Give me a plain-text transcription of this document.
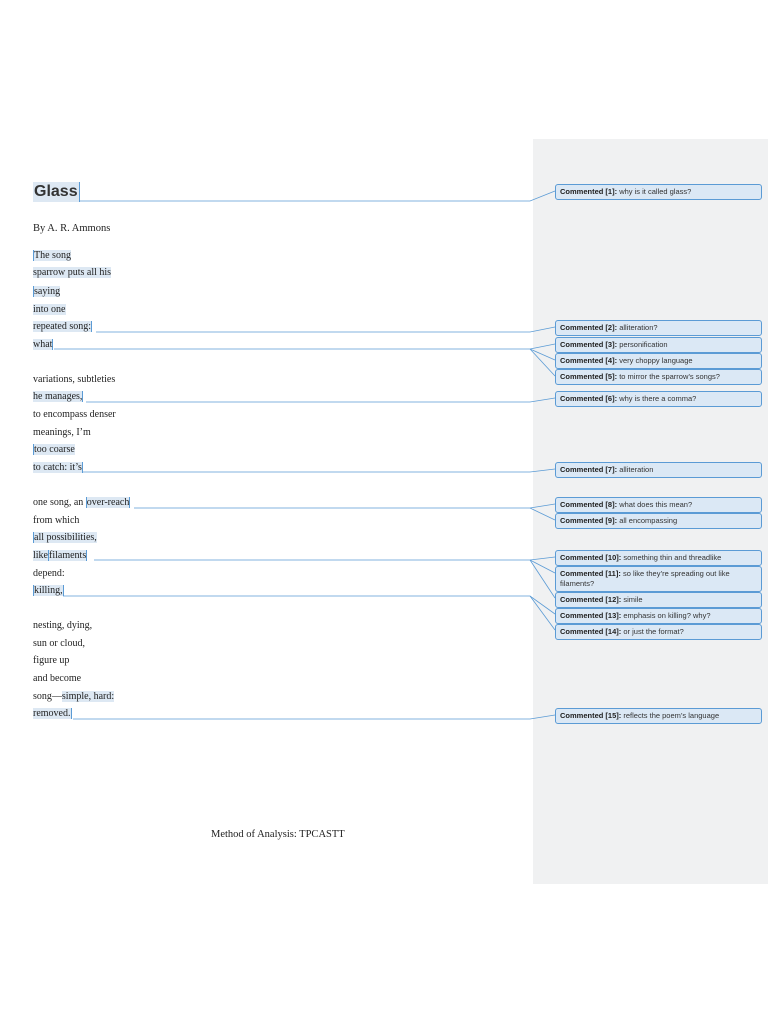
Glass
By A. R. Ammons
The song
sparrow puts all his
saying
into one
repeated song:
what
variations, subtleties
he manages,
to encompass denser
meanings, I’m
too coarse
to catch: it’s
one song, an over-reach
from which
all possibilities,
likefilaments
depend:
killing,
nesting, dying,
sun or cloud,
figure up
and become
song—simple, hard:
removed.
Method of Analysis: TPCASTT
Commented [1]: why is it called glass?
Commented [2]: alliteration?
Commented [3]: personification
Commented [4]: very choppy language
Commented [5]: to mirror the sparrow’s songs?
Commented [6]: why is there a comma?
Commented [7]: alliteration
Commented [8]: what does this mean?
Commented [9]: all encompassing
Commented [10]: something thin and threadlike
Commented [11]: so like they’re spreading out like filaments?
Commented [12]: simile
Commented [13]: emphasis on killing? why?
Commented [14]: or just the format?
Commented [15]: reflects the poem’s language
